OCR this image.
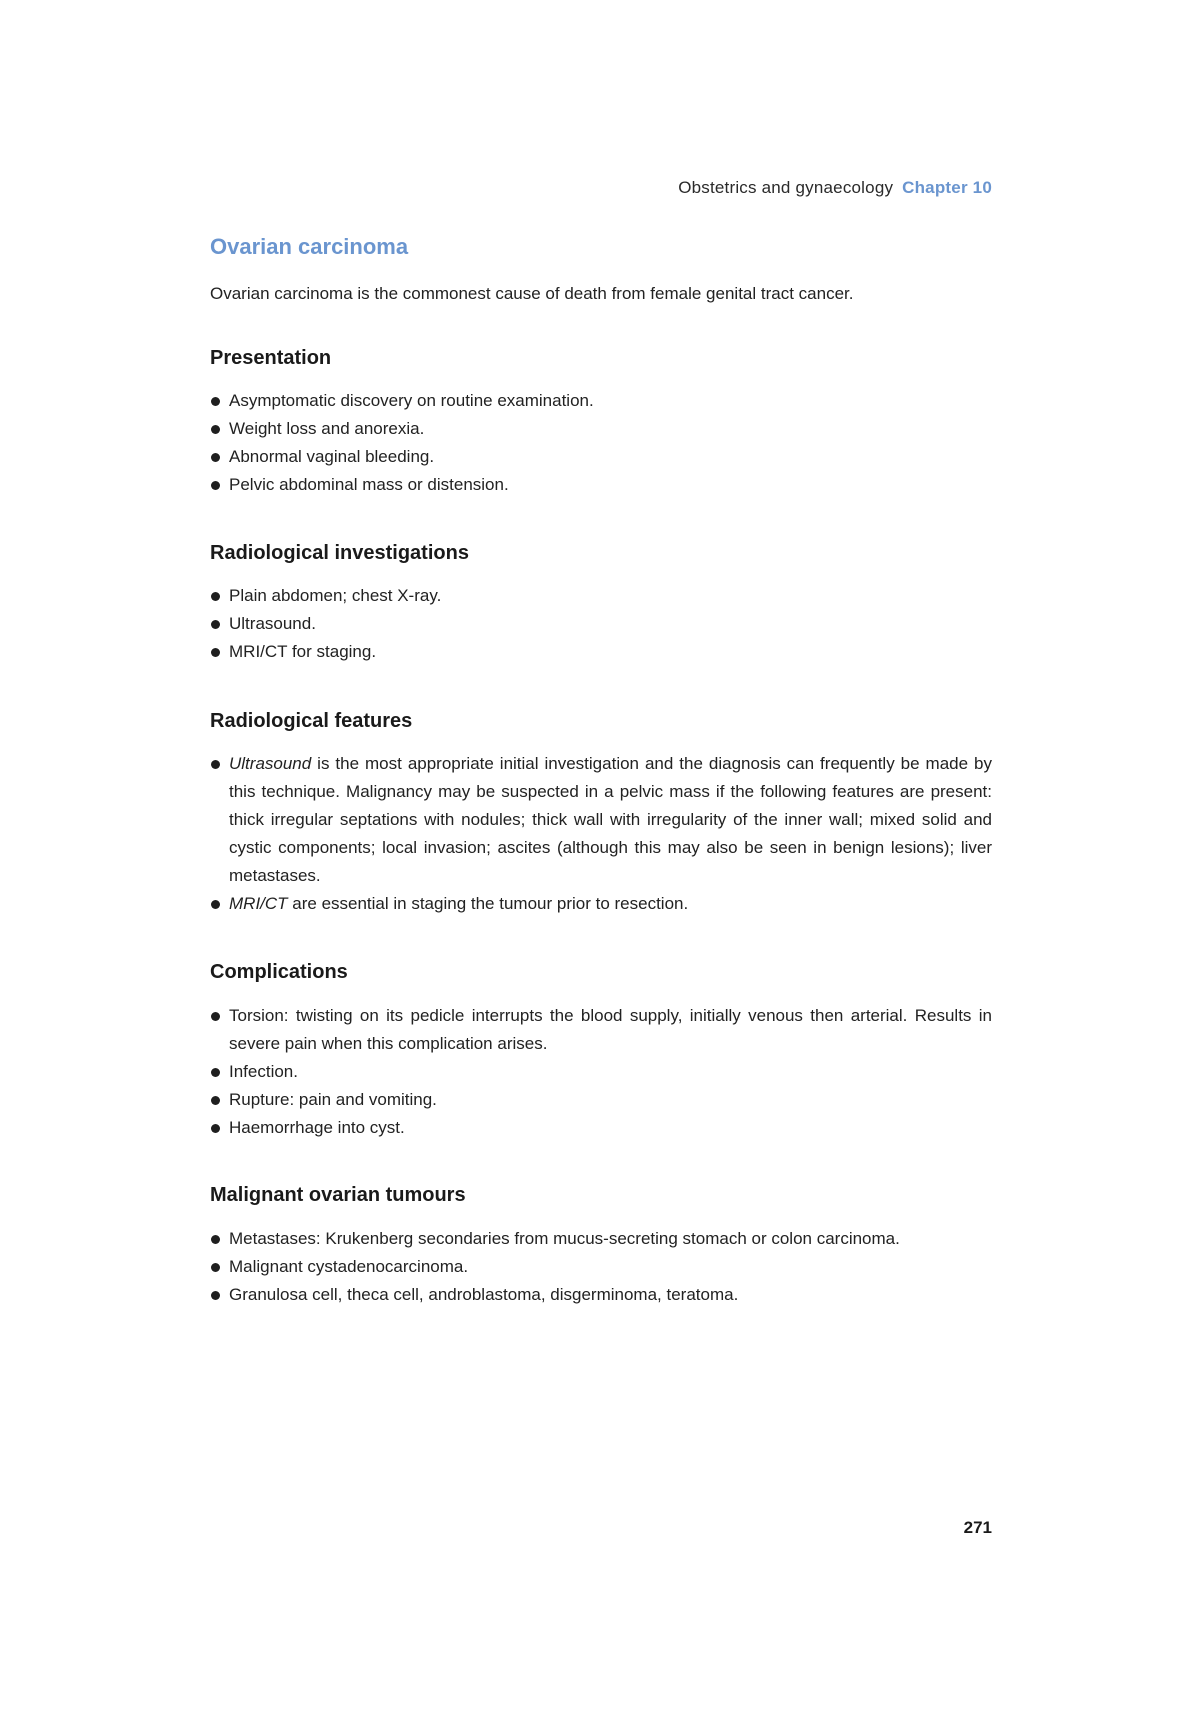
Obstetrics and gynaecology Chapter 10
Ovarian carcinoma

Ovarian carcinoma is the commonest cause of death from female genital tract cancer.

Presentation
Asymptomatic discovery on routine examination.
Weight loss and anorexia.
Abnormal vaginal bleeding.
Pelvic abdominal mass or distension.
Radiological investigations
Plain abdomen; chest X-ray.
Ultrasound.
MRI/CT for staging.
Radiological features
Ultrasound is the most appropriate initial investigation and the diagnosis can frequently be made by this technique. Malignancy may be suspected in a pelvic mass if the following features are present: thick irregular septations with nodules; thick wall with irregularity of the inner wall; mixed solid and cystic components; local invasion; ascites (although this may also be seen in benign lesions); liver metastases.
MRI/CT are essential in staging the tumour prior to resection.
Complications
Torsion: twisting on its pedicle interrupts the blood supply, initially venous then arterial. Results in severe pain when this complication arises.
Infection.
Rupture: pain and vomiting.
Haemorrhage into cyst.
Malignant ovarian tumours
Metastases: Krukenberg secondaries from mucus-secreting stomach or colon carcinoma.
Malignant cystadenocarcinoma.
Granulosa cell, theca cell, androblastoma, disgerminoma, teratoma.
271
